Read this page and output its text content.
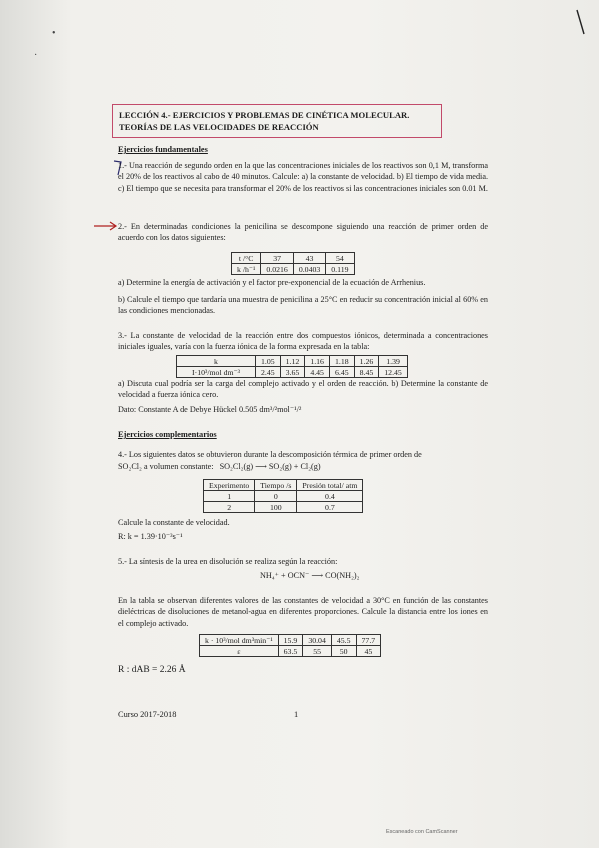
•
·
LECCIÓN 4.- EJERCICIOS Y PROBLEMAS DE CINÉTICA MOLECULAR.
TEORÍAS DE LAS VELOCIDADES DE REACCIÓN
Ejercicios fundamentales

1.- Una reacción de segundo orden en la que las concentraciones iniciales de los reactivos son 0,1 M, transforma el 20% de los reactivos al cabo de 40 minutos. Calcule: a) la constante de velocidad. b) El tiempo de vida media. c) El tiempo que se necesita para transformar el 20% de los reactivos si las concentraciones iniciales son 0.01 M.

2.- En determinadas condiciones la penicilina se descompone siguiendo una reacción de primer orden de acuerdo con los datos siguientes:

t /°C	37	43	54
k /h⁻¹	0.0216	0.0403	0.119

a) Determine la energía de activación y el factor pre-exponencial de la ecuación de Arrhenius.

b) Calcule el tiempo que tardaría una muestra de penicilina a 25°C en reducir su concentración inicial al 60% en las condiciones mencionadas.

3.- La constante de velocidad de la reacción entre dos compuestos iónicos, determinada a concentraciones iniciales iguales, varía con la fuerza iónica de la forma expresada en la tabla:

k	1.05	1.12	1.16	1.18	1.26	1.39
I·10³/mol dm⁻³	2.45	3.65	4.45	6.45	8.45	12.45

a) Discuta cual podría ser la carga del complejo activado y el orden de reacción. b) Determine la constante de velocidad a fuerza iónica cero.

Dato: Constante A de Debye Hückel 0.505 dm³/²mol⁻¹/²

Ejercicios complementarios

4.- Los siguientes datos se obtuvieron durante la descomposición térmica de primer orden de

SO₂Cl₂ a volumen constante: SO₂Cl₂(g) ⟶ SO₂(g) + Cl₂(g)

Experimento	Tiempo /s	Presión total/ atm
1	0	0.4
2	100	0.7

Calcule la constante de velocidad.

R: k = 1.39·10⁻³s⁻¹

5.- La síntesis de la urea en disolución se realiza según la reacción:

NH₄⁺ + OCN⁻ ⟶ CO(NH₂)₂

En la tabla se observan diferentes valores de las constantes de velocidad a 30°C en función de las constantes dieléctricas de disoluciones de metanol-agua en diferentes proporciones. Calcule la distancia entre los iones en el complejo activado.

k · 10³/mol dm³min⁻¹	15.9	30.04	45.5	77.7
ε	63.5	55	50	45

R : dAB = 2.26 Å

Curso 2017-2018	1
Escaneado con CamScanner
